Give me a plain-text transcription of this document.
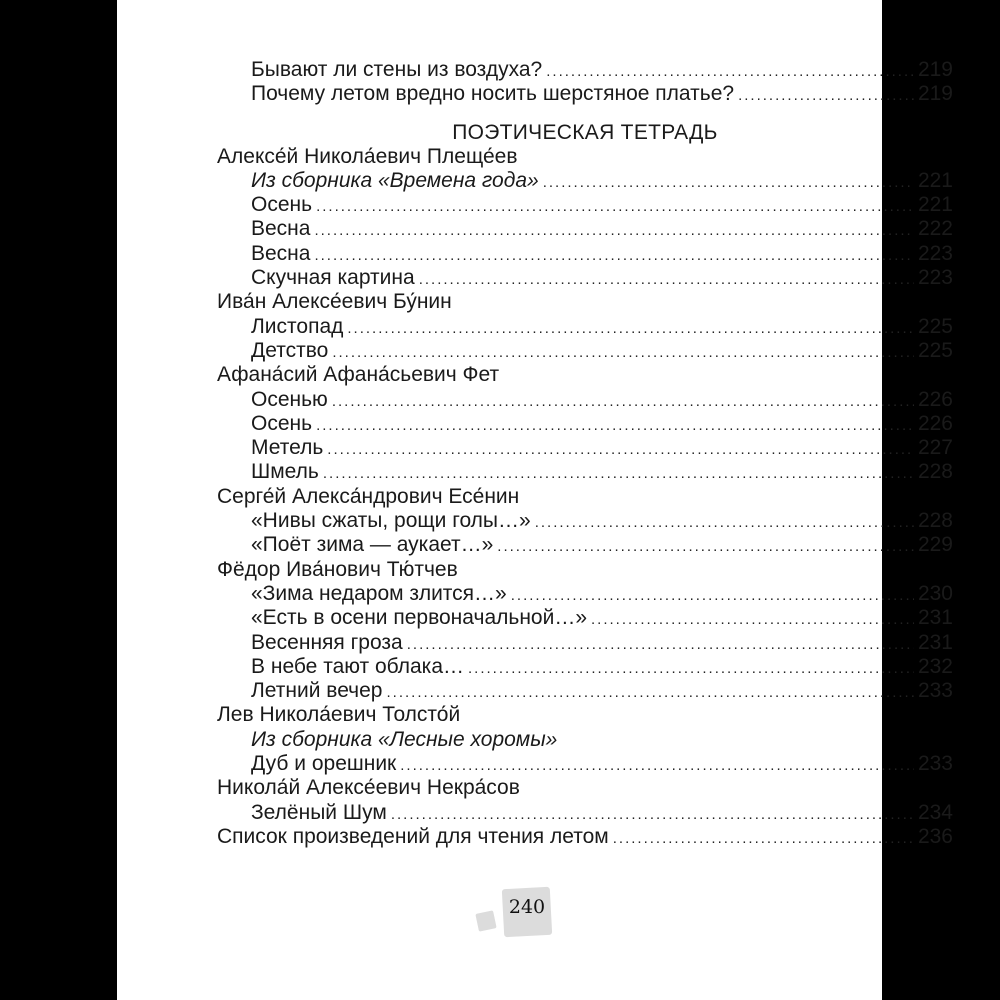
Бывают ли стены из воздуха? .....	219
Почему летом вредно носить шерстяное платье? .....	219
ПОЭТИЧЕСКАЯ ТЕТРАДЬ
Алексе́й Никола́евич Плеще́ев
Из сборника «Времена года» .....	221
Осень .....	221
Весна .....	222
Весна .....	223
Скучная картина .....	223
Ива́н Алексе́евич Бу́нин
Листопад .....	225
Детство .....	225
Афана́сий Афана́сьевич Фет
Осенью .....	226
Осень .....	226
Метель .....	227
Шмель .....	228
Серге́й Алекса́ндрович Есе́нин
«Нивы сжаты, рощи голы…» .....	228
«Поёт зима — аукает…» .....	229
Фёдор Ива́нович Тю́тчев
«Зима недаром злится…» .....	230
«Есть в осени первоначальной…» .....	231
Весенняя гроза .....	231
В небе тают облака… .....	232
Летний вечер .....	233
Лев Никола́евич Толсто́й
Из сборника «Лесные хоромы»
Дуб и орешник .....	233
Никола́й Алексе́евич Некра́сов
Зелёный Шум .....	234
Список произведений для чтения летом .....	236
240
